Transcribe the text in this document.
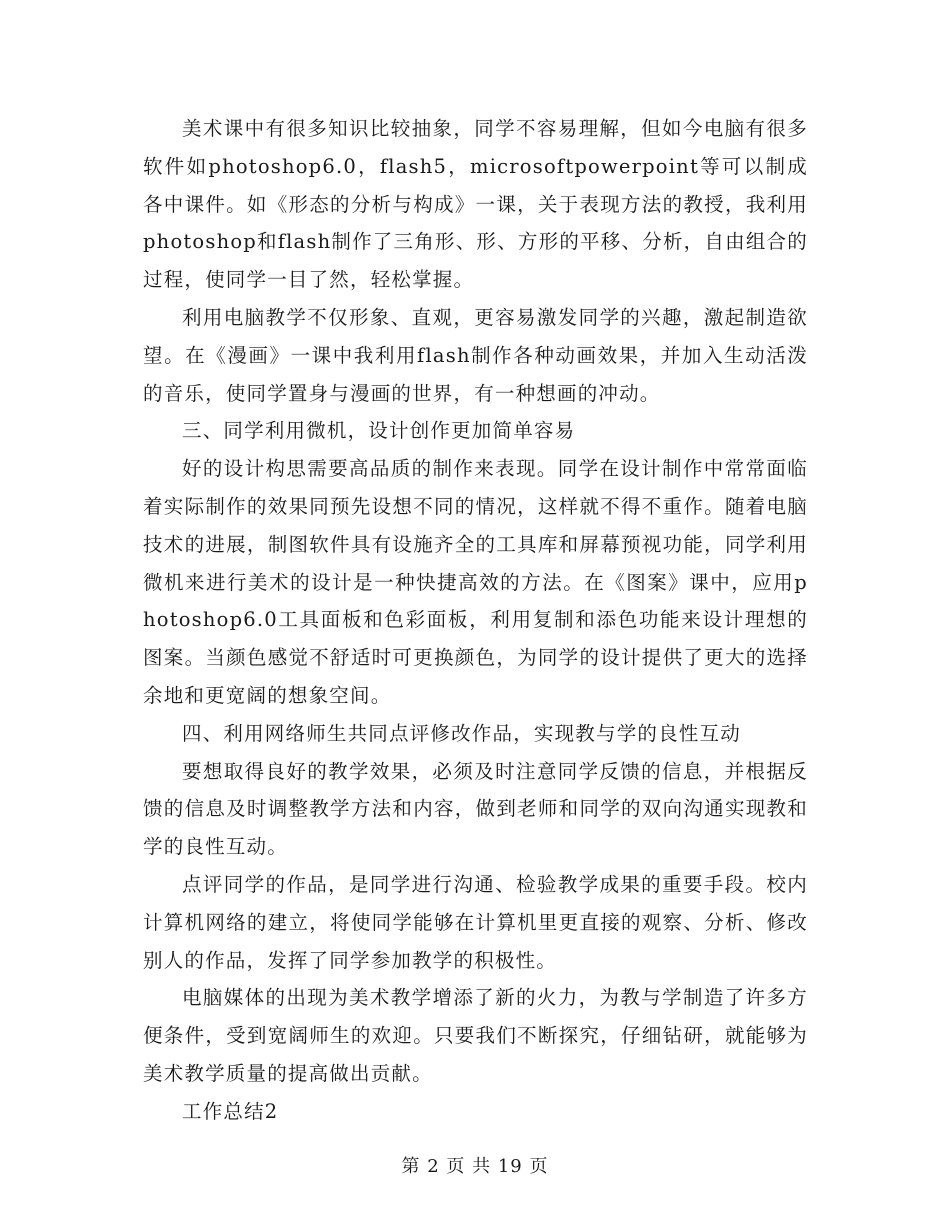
美术课中有很多知识比较抽象，同学不容易理解，但如今电脑有很多软件如photoshop6.0，flash5，microsoftpowerpoint等可以制成各中课件。如《形态的分析与构成》一课，关于表现方法的教授，我利用photoshop和flash制作了三角形、形、方形的平移、分析，自由组合的过程，使同学一目了然，轻松掌握。

利用电脑教学不仅形象、直观，更容易激发同学的兴趣，激起制造欲望。在《漫画》一课中我利用flash制作各种动画效果，并加入生动活泼的音乐，使同学置身与漫画的世界，有一种想画的冲动。

三、同学利用微机，设计创作更加简单容易

好的设计构思需要高品质的制作来表现。同学在设计制作中常常面临着实际制作的效果同预先设想不同的情况，这样就不得不重作。随着电脑技术的进展，制图软件具有设施齐全的工具库和屏幕预视功能，同学利用微机来进行美术的设计是一种快捷高效的方法。在《图案》课中，应用photoshop6.0工具面板和色彩面板，利用复制和添色功能来设计理想的图案。当颜色感觉不舒适时可更换颜色，为同学的设计提供了更大的选择余地和更宽阔的想象空间。

四、利用网络师生共同点评修改作品，实现教与学的良性互动

要想取得良好的教学效果，必须及时注意同学反馈的信息，并根据反馈的信息及时调整教学方法和内容，做到老师和同学的双向沟通实现教和学的良性互动。

点评同学的作品，是同学进行沟通、检验教学成果的重要手段。校内计算机网络的建立，将使同学能够在计算机里更直接的观察、分析、修改别人的作品，发挥了同学参加教学的积极性。

电脑媒体的出现为美术教学增添了新的火力，为教与学制造了许多方便条件，受到宽阔师生的欢迎。只要我们不断探究，仔细钻研，就能够为美术教学质量的提高做出贡献。

工作总结2

第 2 页 共 19 页
